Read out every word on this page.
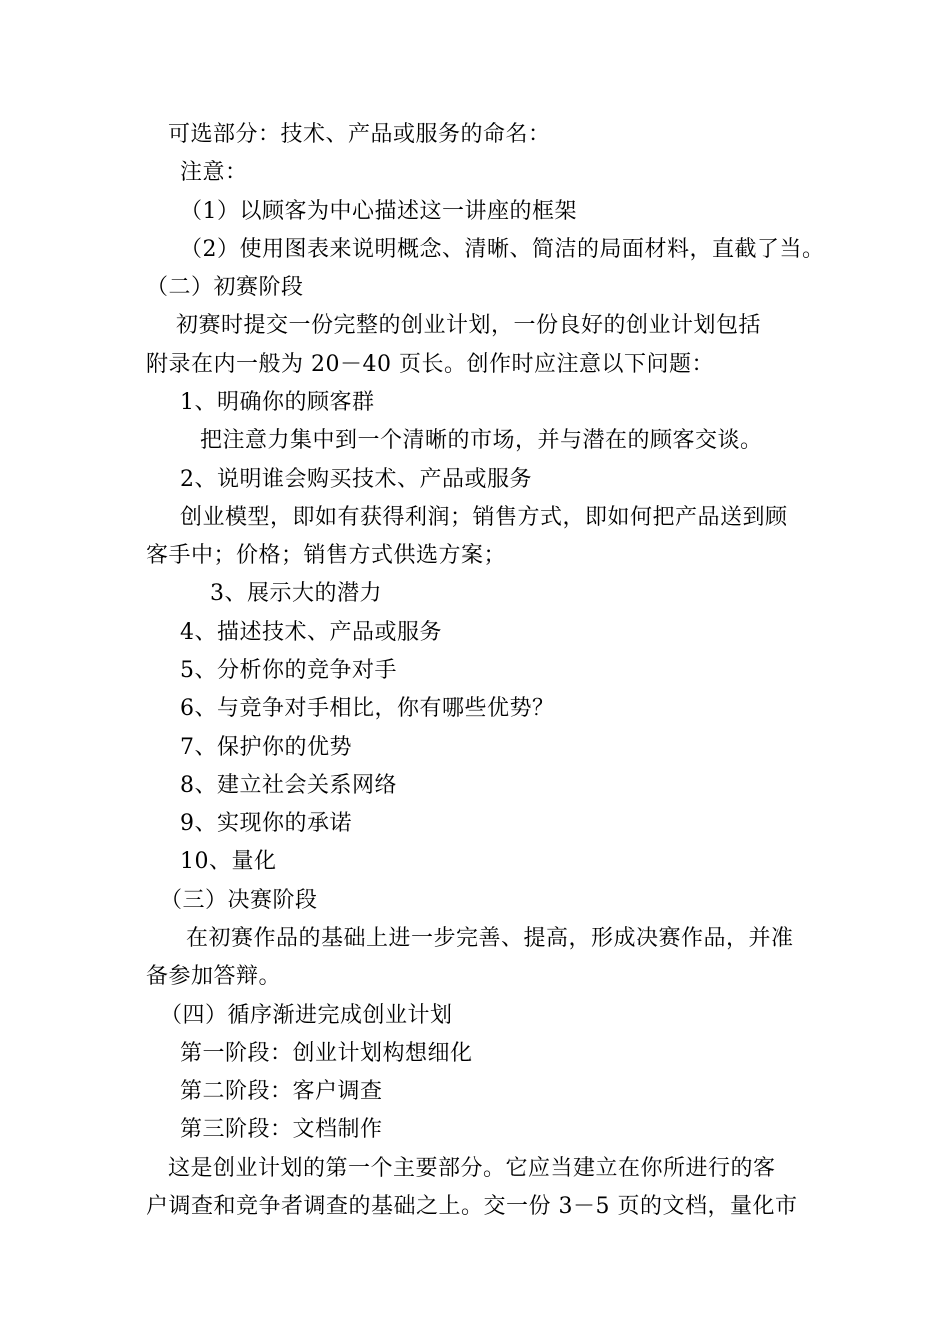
可选部分：技术、产品或服务的命名：
注意：
（1）以顾客为中心描述这一讲座的框架
（2）使用图表来说明概念、清晰、简洁的局面材料，直截了当。
（二）初赛阶段
初赛时提交一份完整的创业计划，一份良好的创业计划包括
附录在内一般为 20－40 页长。创作时应注意以下问题：
1、明确你的顾客群
把注意力集中到一个清晰的市场，并与潜在的顾客交谈。
2、说明谁会购买技术、产品或服务
创业模型，即如有获得利润；销售方式，即如何把产品送到顾
客手中；价格；销售方式供选方案；
3、展示大的潜力
4、描述技术、产品或服务
5、分析你的竞争对手
6、与竞争对手相比，你有哪些优势？
7、保护你的优势
8、建立社会关系网络
9、实现你的承诺
10、量化
（三）决赛阶段
在初赛作品的基础上进一步完善、提高，形成决赛作品，并准
备参加答辩。
（四）循序渐进完成创业计划
第一阶段：创业计划构想细化
第二阶段：客户调查
第三阶段：文档制作
这是创业计划的第一个主要部分。它应当建立在你所进行的客
户调查和竞争者调查的基础之上。交一份 3－5 页的文档，量化市
